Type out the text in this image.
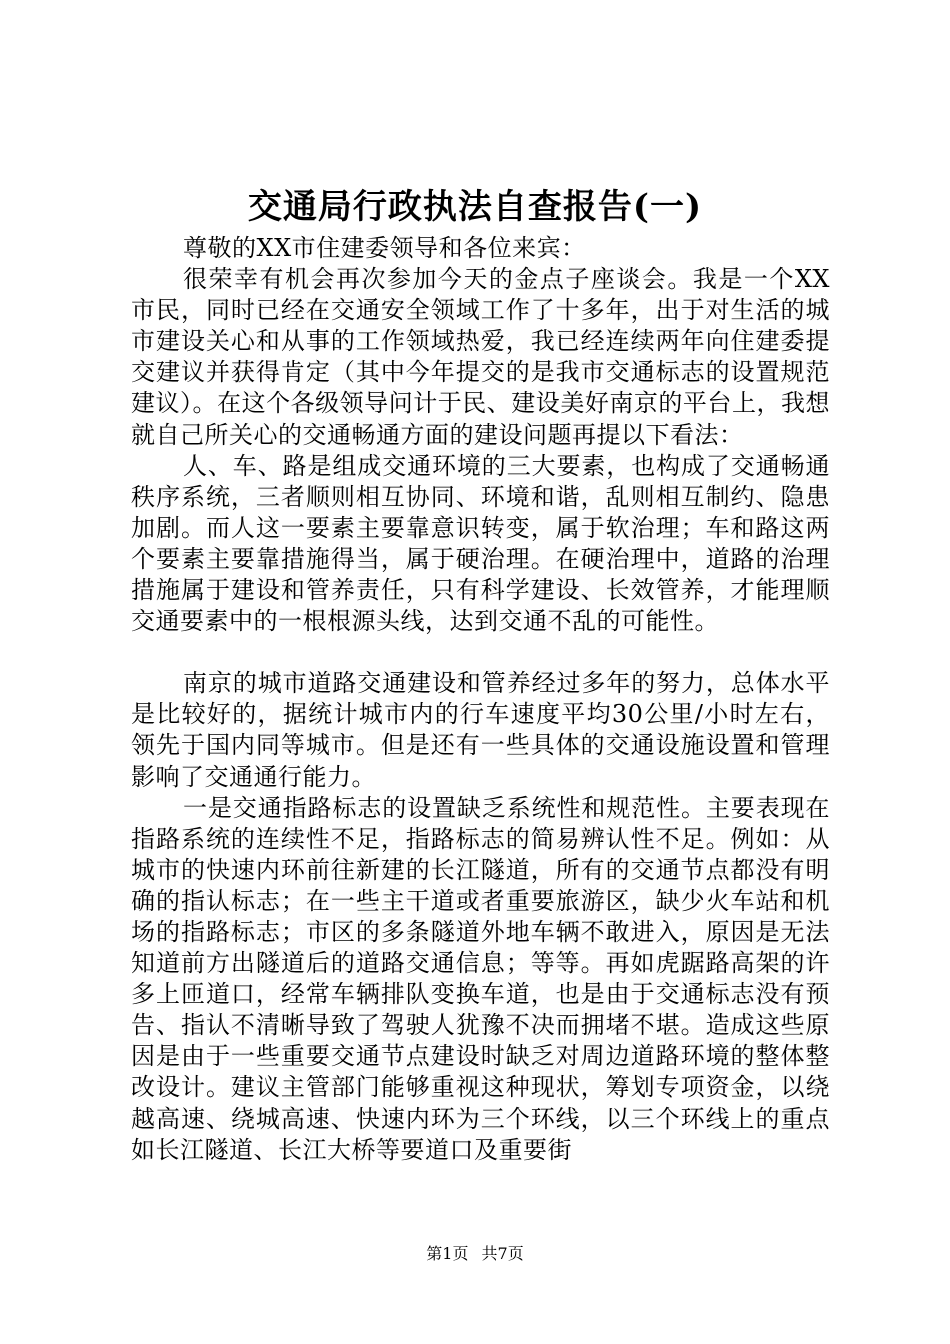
交通局行政执法自查报告(一)

尊敬的XX市住建委领导和各位来宾：

很荣幸有机会再次参加今天的金点子座谈会。我是一个XX市民，同时已经在交通安全领域工作了十多年，出于对生活的城市建设关心和从事的工作领域热爱，我已经连续两年向住建委提交建议并获得肯定（其中今年提交的是我市交通标志的设置规范建议）。在这个各级领导问计于民、建设美好南京的平台上，我想就自己所关心的交通畅通方面的建设问题再提以下看法：

人、车、路是组成交通环境的三大要素，也构成了交通畅通秩序系统，三者顺则相互协同、环境和谐，乱则相互制约、隐患加剧。而人这一要素主要靠意识转变，属于软治理；车和路这两个要素主要靠措施得当，属于硬治理。在硬治理中，道路的治理措施属于建设和管养责任，只有科学建设、长效管养，才能理顺交通要素中的一根根源头线，达到交通不乱的可能性。

南京的城市道路交通建设和管养经过多年的努力，总体水平是比较好的，据统计城市内的行车速度平均30公里/小时左右，领先于国内同等城市。但是还有一些具体的交通设施设置和管理影响了交通通行能力。

一是交通指路标志的设置缺乏系统性和规范性。主要表现在指路系统的连续性不足，指路标志的简易辨认性不足。例如：从城市的快速内环前往新建的长江隧道，所有的交通节点都没有明确的指认标志；在一些主干道或者重要旅游区，缺少火车站和机场的指路标志；市区的多条隧道外地车辆不敢进入，原因是无法知道前方出隧道后的道路交通信息；等等。再如虎踞路高架的许多上匝道口，经常车辆排队变换车道，也是由于交通标志没有预告、指认不清晰导致了驾驶人犹豫不决而拥堵不堪。造成这些原因是由于一些重要交通节点建设时缺乏对周边道路环境的整体整改设计。建议主管部门能够重视这种现状，筹划专项资金，以绕越高速、绕城高速、快速内环为三个环线，以三个环线上的重点如长江隧道、长江大桥等要道口及重要街

第1页 共7页
